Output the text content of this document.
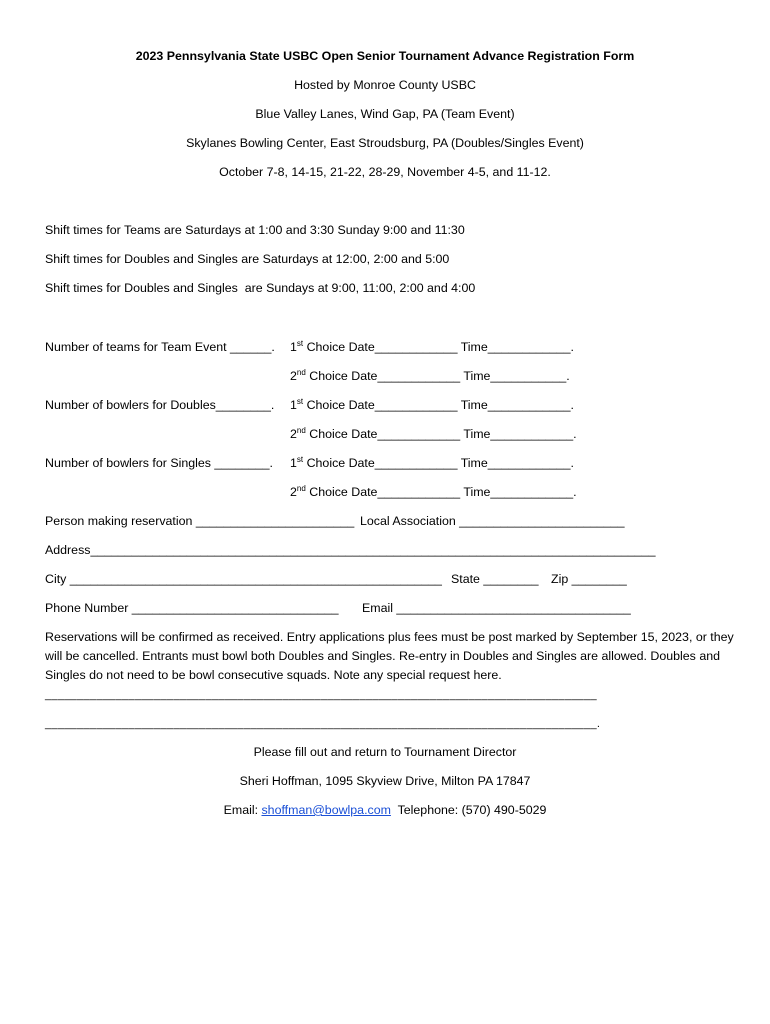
2023 Pennsylvania State USBC Open Senior Tournament Advance Registration Form
Hosted by Monroe County USBC
Blue Valley Lanes, Wind Gap, PA (Team Event)
Skylanes Bowling Center, East Stroudsburg, PA (Doubles/Singles Event)
October 7-8, 14-15, 21-22, 28-29, November 4-5, and 11-12.
Shift times for Teams are Saturdays at 1:00 and 3:30 Sunday 9:00 and 11:30
Shift times for Doubles and Singles are Saturdays at 12:00, 2:00 and 5:00
Shift times for Doubles and Singles  are Sundays at 9:00, 11:00, 2:00 and 4:00
Number of teams for Team Event ______. 1st Choice Date____________ Time____________.
2nd Choice Date____________ Time___________.
Number of bowlers for Doubles________. 1st Choice Date____________ Time____________.
2nd Choice Date____________ Time____________.
Number of bowlers for Singles ________. 1st Choice Date____________ Time____________.
2nd Choice Date____________ Time____________.
Person making reservation _______________________ Local Association ________________________
Address__________________________________________________________________________________
City ______________________________________________________ State ________ Zip ________
Phone Number ______________________________ Email __________________________________
Reservations will be confirmed as received. Entry applications plus fees must be post marked by September 15, 2023, or they will be cancelled. Entrants must bowl both Doubles and Singles. Re-entry in Doubles and Singles are allowed. Doubles and Singles do not need to be bowl consecutive squads. Note any special request here.
______________________________________________________________________________________
______________________________________________________________________________________.
Please fill out and return to Tournament Director
Sheri Hoffman, 1095 Skyview Drive, Milton PA 17847
Email: shoffman@bowlpa.com  Telephone: (570) 490-5029
